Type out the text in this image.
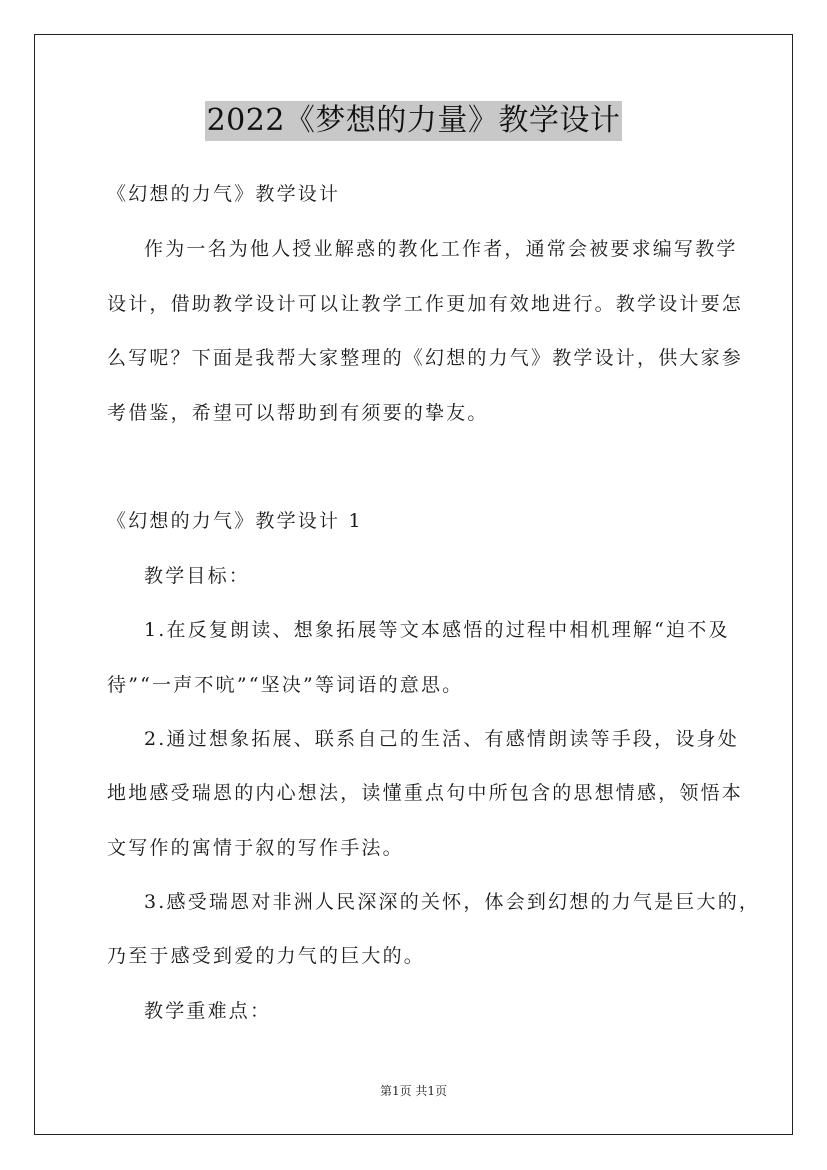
2022《梦想的力量》教学设计
《幻想的力气》教学设计
作为一名为他人授业解惑的教化工作者，通常会被要求编写教学
设计，借助教学设计可以让教学工作更加有效地进行。教学设计要怎
么写呢？下面是我帮大家整理的《幻想的力气》教学设计，供大家参
考借鉴，希望可以帮助到有须要的挚友。
《幻想的力气》教学设计 1
教学目标：
1.在反复朗读、想象拓展等文本感悟的过程中相机理解“迫不及
待”“一声不吭”“坚决”等词语的意思。
2.通过想象拓展、联系自己的生活、有感情朗读等手段，设身处
地地感受瑞恩的内心想法，读懂重点句中所包含的思想情感，领悟本
文写作的寓情于叙的写作手法。
3.感受瑞恩对非洲人民深深的关怀，体会到幻想的力气是巨大的，
乃至于感受到爱的力气的巨大的。
教学重难点：
第1页 共1页
